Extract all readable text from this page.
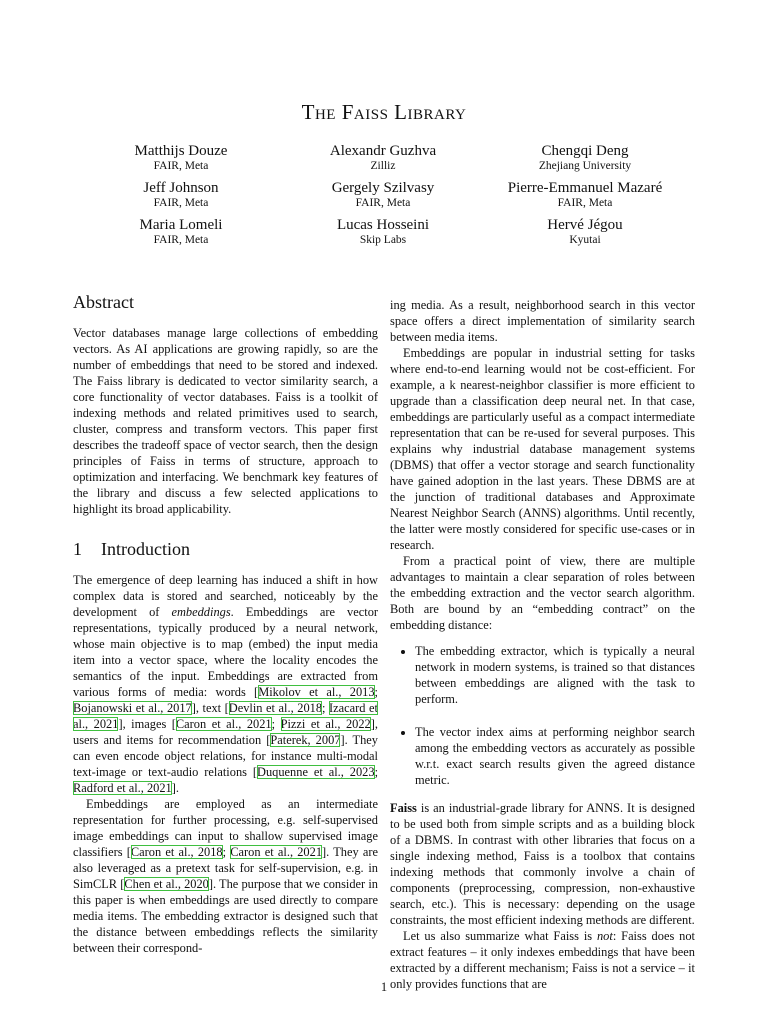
The Faiss Library
Matthijs Douze
FAIR, Meta
Alexandr Guzhva
Zilliz
Chengqi Deng
Zhejiang University
Jeff Johnson
FAIR, Meta
Gergely Szilvasy
FAIR, Meta
Pierre-Emmanuel Mazaré
FAIR, Meta
Maria Lomeli
FAIR, Meta
Lucas Hosseini
Skip Labs
Hervé Jégou
Kyutai
Abstract

Vector databases manage large collections of embedding vectors. As AI applications are growing rapidly, so are the number of embeddings that need to be stored and indexed. The Faiss library is dedicated to vector similarity search, a core functionality of vector databases. Faiss is a toolkit of indexing methods and related primitives used to search, cluster, compress and transform vectors. This paper first describes the tradeoff space of vector search, then the design principles of Faiss in terms of structure, approach to optimization and interfacing. We benchmark key features of the library and discuss a few selected applications to highlight its broad applicability.

1 Introduction

The emergence of deep learning has induced a shift in how complex data is stored and searched, noticeably by the development of embeddings. Embeddings are vector representations, typically produced by a neural network, whose main objective is to map (embed) the input media item into a vector space, where the locality encodes the semantics of the input. Embeddings are extracted from various forms of media: words [Mikolov et al., 2013; Bojanowski et al., 2017], text [Devlin et al., 2018; Izacard et al., 2021], images [Caron et al., 2021; Pizzi et al., 2022], users and items for recommendation [Paterek, 2007]. They can even encode object relations, for instance multi-modal text-image or text-audio relations [Duquenne et al., 2023; Radford et al., 2021].

Embeddings are employed as an intermediate representation for further processing, e.g. self-supervised image embeddings can input to shallow supervised image classifiers [Caron et al., 2018; Caron et al., 2021]. They are also leveraged as a pretext task for self-supervision, e.g. in SimCLR [Chen et al., 2020]. The purpose that we consider in this paper is when embeddings are used directly to compare media items. The embedding extractor is designed such that the distance between embeddings reflects the similarity between their correspond-

ing media. As a result, neighborhood search in this vector space offers a direct implementation of similarity search between media items.

Embeddings are popular in industrial setting for tasks where end-to-end learning would not be cost-efficient. For example, a k nearest-neighbor classifier is more efficient to upgrade than a classification deep neural net. In that case, embeddings are particularly useful as a compact intermediate representation that can be re-used for several purposes. This explains why industrial database management systems (DBMS) that offer a vector storage and search functionality have gained adoption in the last years. These DBMS are at the junction of traditional databases and Approximate Nearest Neighbor Search (ANNS) algorithms. Until recently, the latter were mostly considered for specific use-cases or in research.

From a practical point of view, there are multiple advantages to maintain a clear separation of roles between the embedding extraction and the vector search algorithm. Both are bound by an “embedding contract” on the embedding distance:

• The embedding extractor, which is typically a neural network in modern systems, is trained so that distances between embeddings are aligned with the task to perform.
• The vector index aims at performing neighbor search among the embedding vectors as accurately as possible w.r.t. exact search results given the agreed distance metric.

Faiss is an industrial-grade library for ANNS. It is designed to be used both from simple scripts and as a building block of a DBMS. In contrast with other libraries that focus on a single indexing method, Faiss is a toolbox that contains indexing methods that commonly involve a chain of components (preprocessing, compression, non-exhaustive search, etc.). This is necessary: depending on the usage constraints, the most efficient indexing methods are different.

Let us also summarize what Faiss is not: Faiss does not extract features – it only indexes embeddings that have been extracted by a different mechanism; Faiss is not a service – it only provides functions that are

1
